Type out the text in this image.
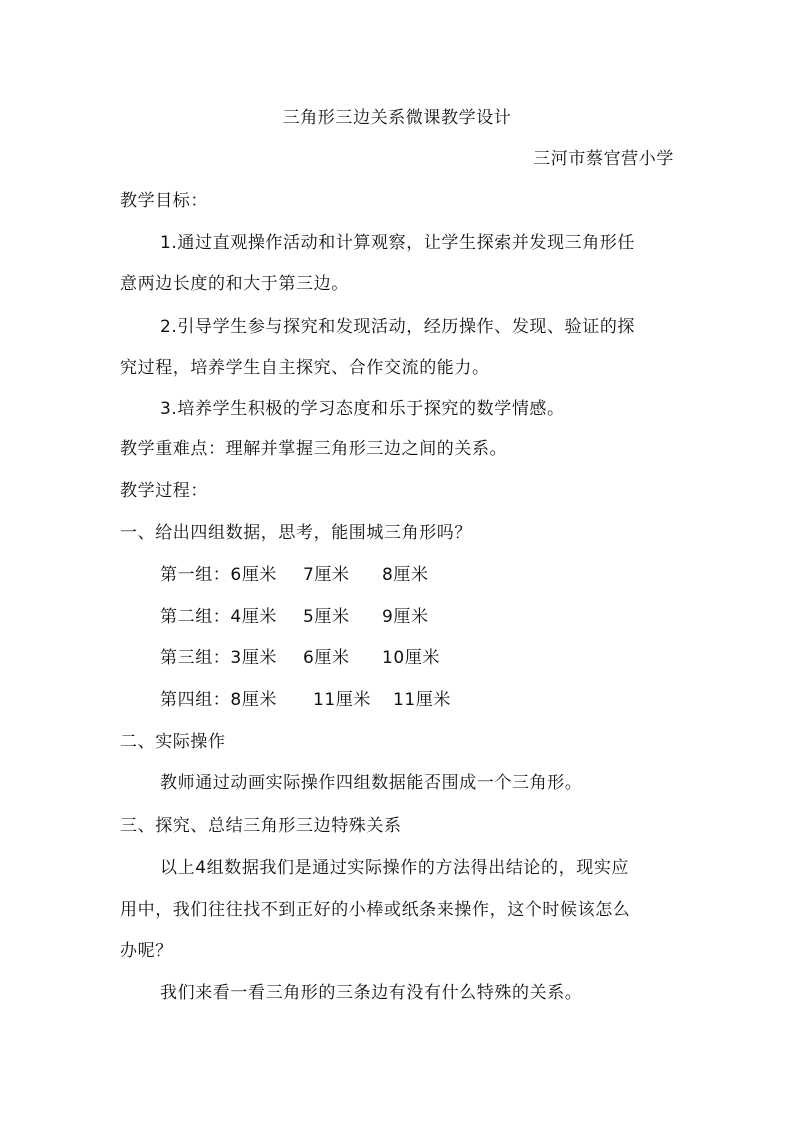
三角形三边关系微课教学设计
三河市蔡官营小学
教学目标：
1.通过直观操作活动和计算观察，让学生探索并发现三角形任
意两边长度的和大于第三边。
2.引导学生参与探究和发现活动，经历操作、发现、验证的探
究过程，培养学生自主探究、合作交流的能力。
3.培养学生积极的学习态度和乐于探究的数学情感。
教学重难点：理解并掌握三角形三边之间的关系。
教学过程：
一、给出四组数据，思考，能围城三角形吗？
第一组：6厘米 7厘米 8厘米
第二组：4厘米 5厘米 9厘米
第三组：3厘米 6厘米 10厘米
第四组：8厘米 11厘米 11厘米
二、实际操作
教师通过动画实际操作四组数据能否围成一个三角形。
三、探究、总结三角形三边特殊关系
以上4组数据我们是通过实际操作的方法得出结论的，现实应
用中，我们往往找不到正好的小棒或纸条来操作，这个时候该怎么
办呢？
我们来看一看三角形的三条边有没有什么特殊的关系。
